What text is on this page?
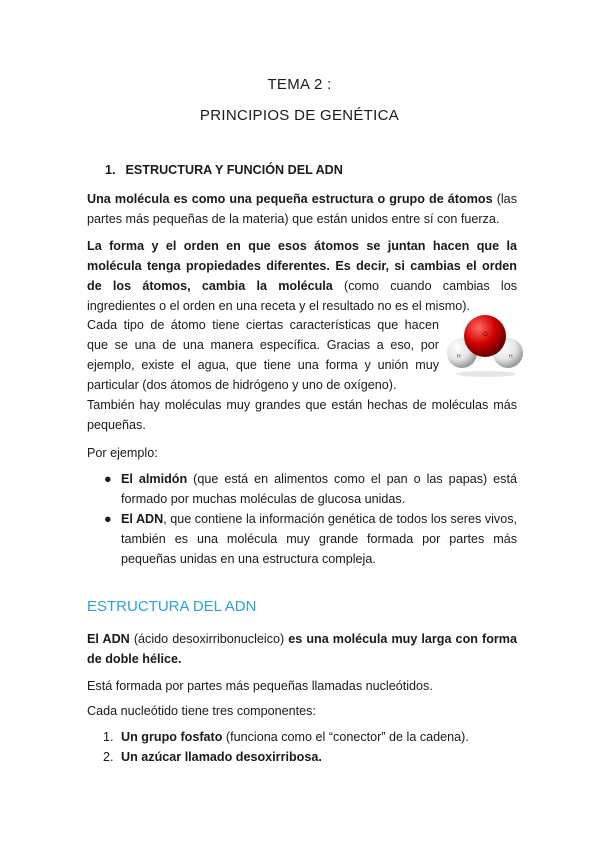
TEMA 2 :
PRINCIPIOS DE GENÉTICA
1. ESTRUCTURA Y FUNCIÓN DEL ADN

Una molécula es como una pequeña estructura o grupo de átomos (las partes más pequeñas de la materia) que están unidos entre sí con fuerza.

La forma y el orden en que esos átomos se juntan hacen que la molécula tenga propiedades diferentes. Es decir, si cambias el orden de los átomos, cambia la molécula (como cuando cambias los ingredientes o el orden en una receta y el resultado no es el mismo).

Cada tipo de átomo tiene ciertas características que hacen que se una de una manera específica. Gracias a eso, por ejemplo, existe el agua, que tiene una forma y unión muy particular (dos átomos de hidrógeno y uno de oxígeno).

O
H	H

También hay moléculas muy grandes que están hechas de moléculas más pequeñas.

Por ejemplo:

● El almidón (que está en alimentos como el pan o las papas) está formado por muchas moléculas de glucosa unidas.
● El ADN, que contiene la información genética de todos los seres vivos, también es una molécula muy grande formada por partes más pequeñas unidas en una estructura compleja.
ESTRUCTURA DEL ADN

El ADN (ácido desoxirribonucleico) es una molécula muy larga con forma de doble hélice.

Está formada por partes más pequeñas llamadas nucleótidos.

Cada nucleótido tiene tres componentes:

1. Un grupo fosfato (funciona como el “conector” de la cadena).
2. Un azúcar llamado desoxirribosa.
